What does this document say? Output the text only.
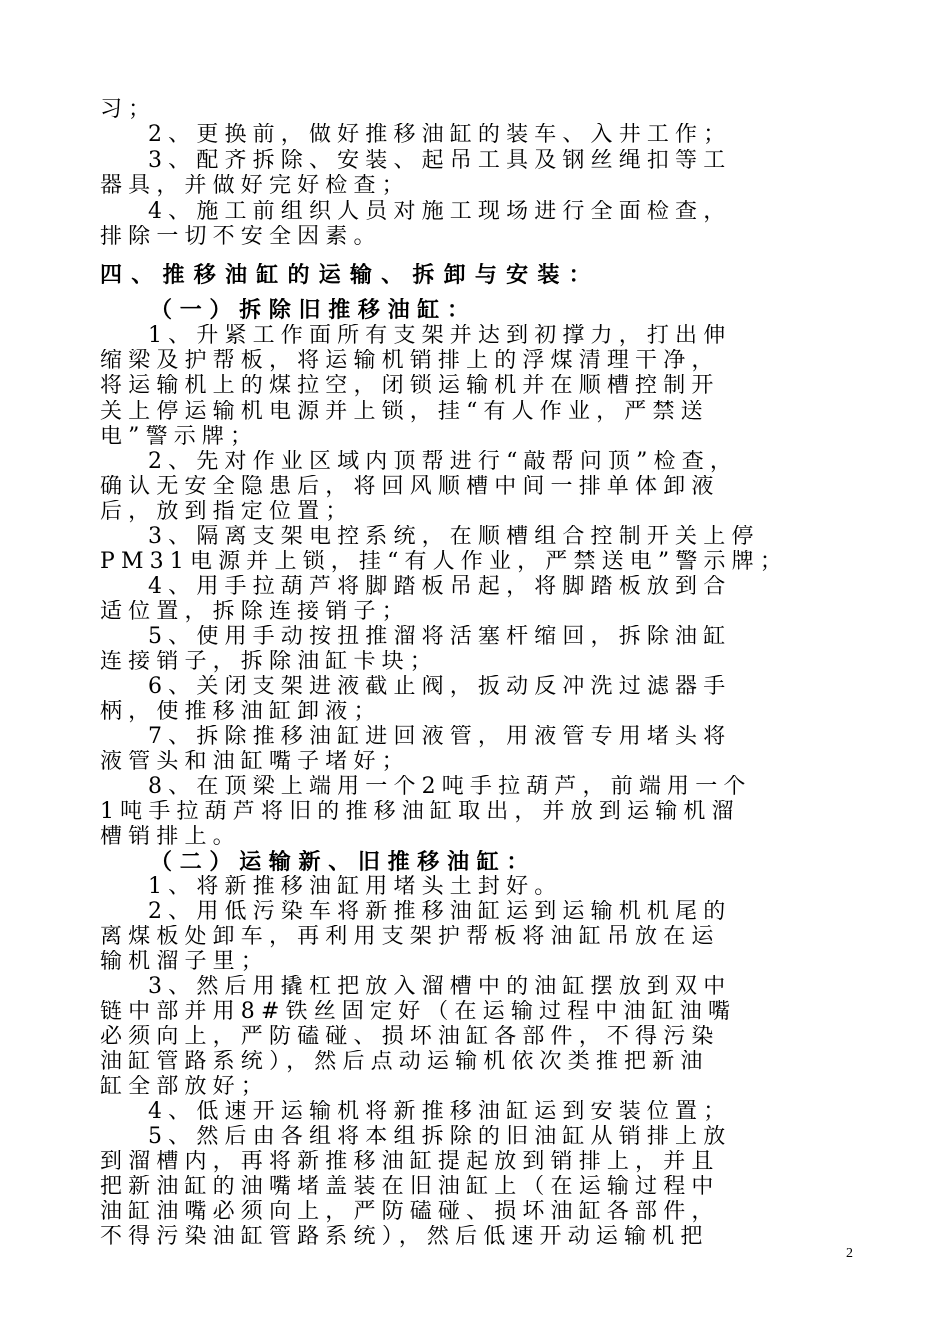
习；
2、更换前，做好推移油缸的装车、入井工作；
3、配齐拆除、安装、起吊工具及钢丝绳扣等工
器具，并做好完好检查；
4、施工前组织人员对施工现场进行全面检查，
排除一切不安全因素。
四、推移油缸的运输、拆卸与安装：
（一）拆除旧推移油缸：
1、升紧工作面所有支架并达到初撑力，打出伸
缩梁及护帮板，将运输机销排上的浮煤清理干净，
将运输机上的煤拉空，闭锁运输机并在顺槽控制开
关上停运输机电源并上锁，挂“有人作业，严禁送
电”警示牌；
2、先对作业区域内顶帮进行“敲帮问顶”检查，
确认无安全隐患后，将回风顺槽中间一排单体卸液
后，放到指定位置；
3、隔离支架电控系统，在顺槽组合控制开关上停
PM31电源并上锁，挂“有人作业，严禁送电”警示牌；
4、用手拉葫芦将脚踏板吊起，将脚踏板放到合
适位置，拆除连接销子；
5、使用手动按扭推溜将活塞杆缩回，拆除油缸
连接销子，拆除油缸卡块；
6、关闭支架进液截止阀，扳动反冲洗过滤器手
柄，使推移油缸卸液；
7、拆除推移油缸进回液管，用液管专用堵头将
液管头和油缸嘴子堵好；
8、在顶梁上端用一个2吨手拉葫芦，前端用一个
1吨手拉葫芦将旧的推移油缸取出，并放到运输机溜
槽销排上。
（二）运输新、旧推移油缸：
1、将新推移油缸用堵头土封好。
2、用低污染车将新推移油缸运到运输机机尾的
离煤板处卸车，再利用支架护帮板将油缸吊放在运
输机溜子里；
3、然后用撬杠把放入溜槽中的油缸摆放到双中
链中部并用8#铁丝固定好（在运输过程中油缸油嘴
必须向上，严防磕碰、损坏油缸各部件，不得污染
油缸管路系统），然后点动运输机依次类推把新油
缸全部放好；
4、低速开运输机将新推移油缸运到安装位置；
5、然后由各组将本组拆除的旧油缸从销排上放
到溜槽内，再将新推移油缸提起放到销排上，并且
把新油缸的油嘴堵盖装在旧油缸上（在运输过程中
油缸油嘴必须向上，严防磕碰、损坏油缸各部件，
不得污染油缸管路系统），然后低速开动运输机把
2
